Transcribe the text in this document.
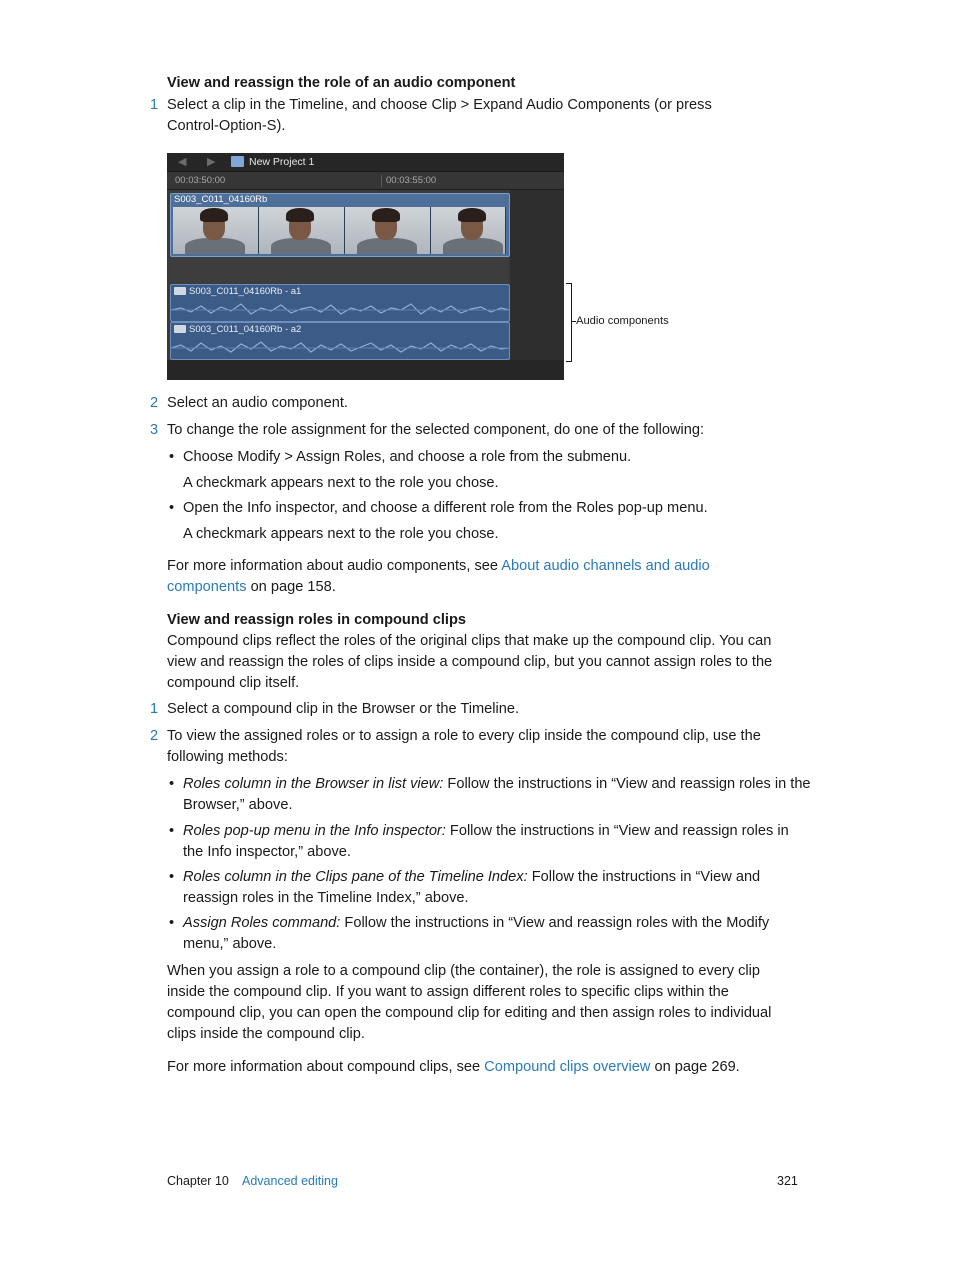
View and reassign the role of an audio component
1 Select a clip in the Timeline, and choose Clip > Expand Audio Components (or press
Control-Option-S).
◀ ▶	New Project 1
00:03:50:00	00:03:55:00
S003_C011_04160Rb
S003_C011_04160Rb - a1
S003_C011_04160Rb - a2
Audio components
2 Select an audio component.
3 To change the role assignment for the selected component, do one of the following:
• Choose Modify > Assign Roles, and choose a role from the submenu.
A checkmark appears next to the role you chose.
• Open the Info inspector, and choose a different role from the Roles pop-up menu.
A checkmark appears next to the role you chose.
For more information about audio components, see About audio channels and audio
components on page 158.
View and reassign roles in compound clips
Compound clips reflect the roles of the original clips that make up the compound clip. You can
view and reassign the roles of clips inside a compound clip, but you cannot assign roles to the
compound clip itself.
1 Select a compound clip in the Browser or the Timeline.
2 To view the assigned roles or to assign a role to every clip inside the compound clip, use the
following methods:
• Roles column in the Browser in list view: Follow the instructions in “View and reassign roles in the
Browser,” above.
• Roles pop-up menu in the Info inspector: Follow the instructions in “View and reassign roles in
the Info inspector,” above.
• Roles column in the Clips pane of the Timeline Index: Follow the instructions in “View and
reassign roles in the Timeline Index,” above.
• Assign Roles command: Follow the instructions in “View and reassign roles with the Modify
menu,” above.
When you assign a role to a compound clip (the container), the role is assigned to every clip
inside the compound clip. If you want to assign different roles to specific clips within the
compound clip, you can open the compound clip for editing and then assign roles to individual
clips inside the compound clip.
For more information about compound clips, see Compound clips overview on page 269.
Chapter 10 Advanced editing	321
